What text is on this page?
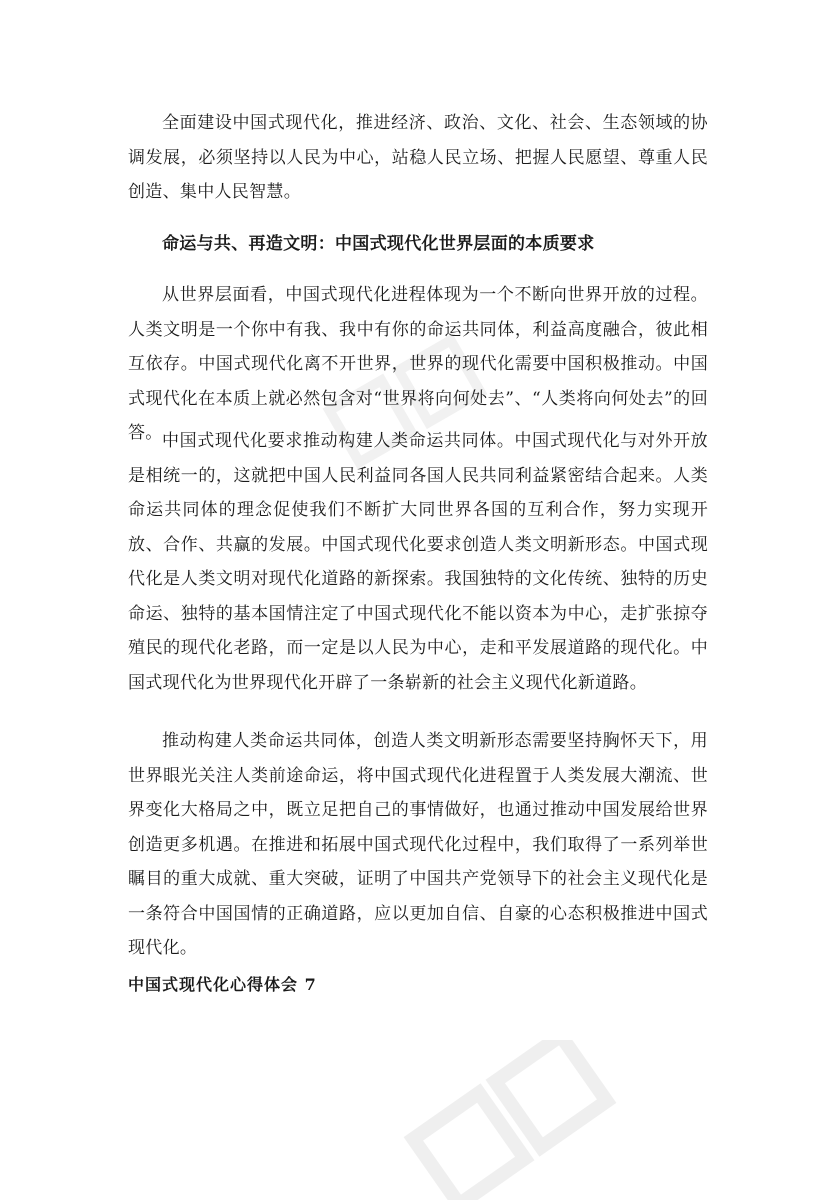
全面建设中国式现代化，推进经济、政治、文化、社会、生态领域的协调发展，必须坚持以人民为中心，站稳人民立场、把握人民愿望、尊重人民创造、集中人民智慧。

命运与共、再造文明：中国式现代化世界层面的本质要求

从世界层面看，中国式现代化进程体现为一个不断向世界开放的过程。人类文明是一个你中有我、我中有你的命运共同体，利益高度融合，彼此相互依存。中国式现代化离不开世界，世界的现代化需要中国积极推动。中国式现代化在本质上就必然包含对“世界将向何处去”、“人类将向何处去”的回答。 中国式现代化要求推动构建人类命运共同体。中国式现代化与对外开放是相统一的，这就把中国人民利益同各国人民共同利益紧密结合起来。人类命运共同体的理念促使我们不断扩大同世界各国的互利合作，努力实现开放、合作、共赢的发展。中国式现代化要求创造人类文明新形态。中国式现代化是人类文明对现代化道路的新探索。我国独特的文化传统、独特的历史命运、独特的基本国情注定了中国式现代化不能以资本为中心，走扩张掠夺殖民的现代化老路，而一定是以人民为中心，走和平发展道路的现代化。中国式现代化为世界现代化开辟了一条崭新的社会主义现代化新道路。

推动构建人类命运共同体，创造人类文明新形态需要坚持胸怀天下，用世界眼光关注人类前途命运，将中国式现代化进程置于人类发展大潮流、世界变化大格局之中，既立足把自己的事情做好，也通过推动中国发展给世界创造更多机遇。在推进和拓展中国式现代化过程中，我们取得了一系列举世瞩目的重大成就、重大突破，证明了中国共产党领导下的社会主义现代化是一条符合中国国情的正确道路，应以更加自信、自豪的心态积极推进中国式现代化。

中国式现代化心得体会 7
